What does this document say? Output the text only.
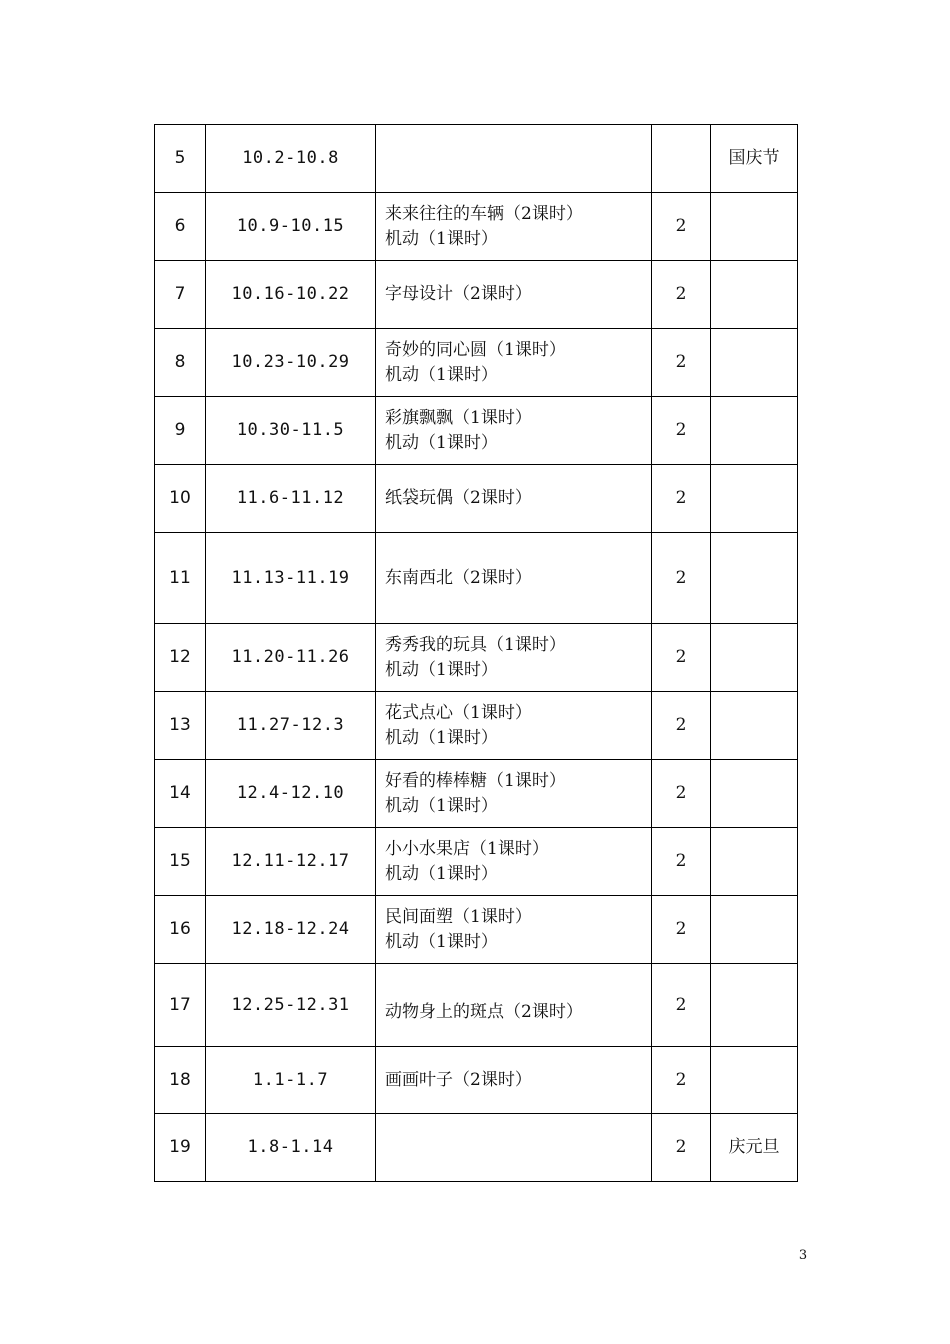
5	10.2-10.8			国庆节
6	10.9-10.15	来来往往的车辆（2课时）
机动（1课时）	2	
7	10.16-10.22	字母设计（2课时）	2	
8	10.23-10.29	奇妙的同心圆（1课时）
机动（1课时）	2	
9	10.30-11.5	彩旗飘飘（1课时）
机动（1课时）	2	
10	11.6-11.12	纸袋玩偶（2课时）	2	
11	11.13-11.19	东南西北（2课时）	2	
12	11.20-11.26	秀秀我的玩具（1课时）
机动（1课时）	2	
13	11.27-12.3	花式点心（1课时）
机动（1课时）	2	
14	12.4-12.10	好看的棒棒糖（1课时）
机动（1课时）	2	
15	12.11-12.17	小小水果店（1课时）
机动（1课时）	2	
16	12.18-12.24	民间面塑（1课时）
机动（1课时）	2	
17	12.25-12.31	动物身上的斑点（2课时）	2	
18	1.1-1.7	画画叶子（2课时）	2	
19	1.8-1.14		2	庆元旦
3
